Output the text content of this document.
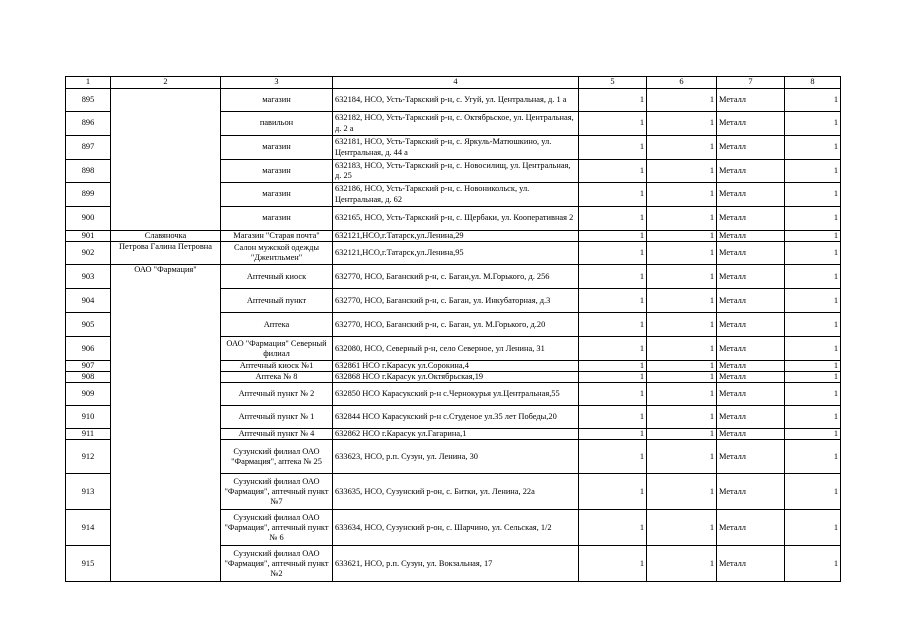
1	2	3	4	5	6	7	8
895		магазин	632184, НСО, Усть-Таркский р-н, с. Угуй, ул. Центральная, д. 1 а	1	1	Металл	1
896		павильон	632182, НСО, Усть-Таркский р-н, с. Октябрьское, ул. Центральная, д. 2 а	1	1	Металл	1
897		магазин	632181, НСО, Усть-Таркский р-н, с. Яркуль-Матюшкино, ул. Центральная, д. 44 а	1	1	Металл	1
898		магазин	632183, НСО, Усть-Таркский р-н, с. Новосилищ, ул. Центральная, д. 25	1	1	Металл	1
899		магазин	632186, НСО, Усть-Таркский р-н, с. Новоникольск, ул. Центральная, д. 62	1	1	Металл	1
900		магазин	632165, НСО, Усть-Таркский р-н, с. Щербаки, ул. Кооперативная 2	1	1	Металл	1
901	Славяночка	Магазин "Старая почта"	632121,НСО,г.Татарск,ул.Ленина,29	1	1	Металл	1
902	Петрова Галина Петровна	Салон мужской одежды "Джентльмен"	632121,НСО,г.Татарск,ул.Ленина,95	1	1	Металл	1
903	ОАО "Фармация"	Аптечный киоск	632770, НСО, Баганский р-н, с. Баган,ул. М.Горького, д. 256	1	1	Металл	1
904		Аптечный пункт	632770, НСО, Баганский р-н, с. Баган, ул. Инкубаторная, д.3	1	1	Металл	1
905		Аптека	632770, НСО, Баганский р-н, с. Баган, ул. М.Горького, д.20	1	1	Металл	1
906		ОАО "Фармация" Северный филиал	632080, НСО, Северный р-н, село Северное, ул Ленина, 31	1	1	Металл	1
907		Аптечный киоск №1	632861 НСО г.Карасук ул.Сорокина,4	1	1	Металл	1
908		Аптека № 8	632868 НСО г.Карасук ул.Октябрьская,19	1	1	Металл	1
909		Аптечный пункт № 2	632850 НСО Карасукский р-н с.Чернокурья ул.Центральная,55	1	1	Металл	1
910		Аптечный пункт № 1	632844 НСО Карасукский р-н с.Студеное ул.35 лет Победы,20	1	1	Металл	1
911		Аптечный пункт № 4	632862 НСО г.Карасук ул.Гагарина,1	1	1	Металл	1
912		Сузунский филиал ОАО "Фармация", аптека № 25	633623, НСО, р.п. Сузун, ул. Ленина, 30	1	1	Металл	1
913		Сузунский филиал ОАО "Фармация", аптечный пункт №7	633635, НСО, Сузунский р-он, с. Битки, ул. Ленина, 22а	1	1	Металл	1
914		Сузунский филиал ОАО "Фармация", аптечный пункт № 6	633634, НСО, Сузунский р-он, с. Шарчино, ул. Сельская, 1/2	1	1	Металл	1
915		Сузунский филиал ОАО "Фармация", аптечный пункт №2	633621, НСО, р.п. Сузун, ул. Вокзальная, 17	1	1	Металл	1
